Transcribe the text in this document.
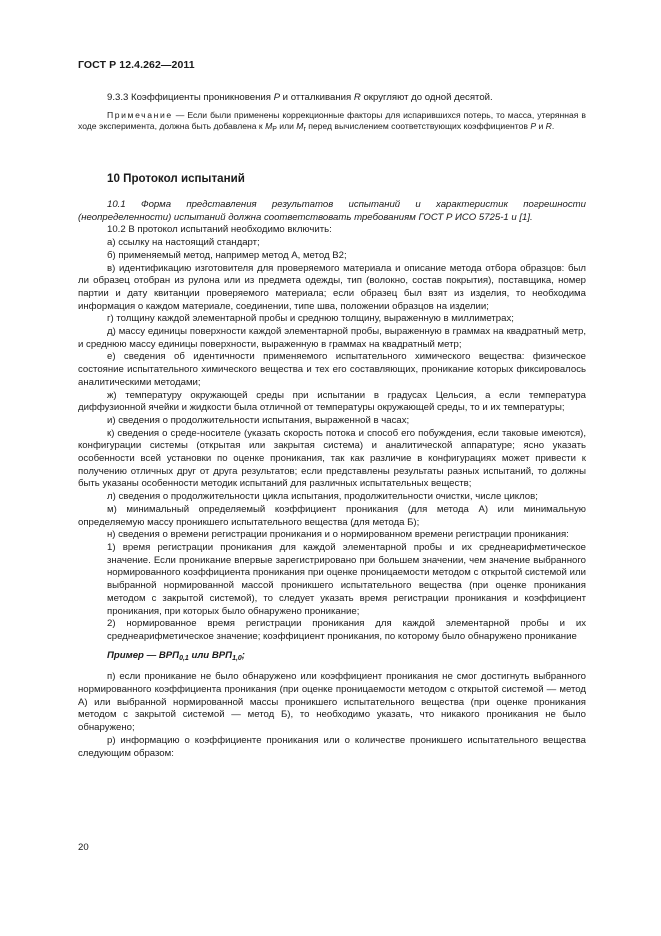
ГОСТ Р 12.4.262—2011

9.3.3 Коэффициенты проникновения Р и отталкивания R округляют до одной десятой.

Примечание — Если были применены коррекционные факторы для испарившихся потерь, то масса, утерянная в ходе эксперимента, должна быть добавлена к $M_P$ или $M_r$ перед вычислением соответствующих коэффициентов Р и R.

10 Протокол испытаний

10.1 Форма представления результатов испытаний и характеристик погрешности (неопределенности) испытаний должна соответствовать требованиям ГОСТ Р ИСО 5725-1 и [1].

10.2 В протокол испытаний необходимо включить:

а) ссылку на настоящий стандарт;

б) применяемый метод, например метод А, метод В2;

в) идентификацию изготовителя для проверяемого материала и описание метода отбора образцов: был ли образец отобран из рулона или из предмета одежды, тип (волокно, состав покрытия), поставщика, номер партии и дату квитанции проверяемого материала; если образец был взят из изделия, то необходима информация о каждом материале, соединении, типе шва, положении образцов на изделии;

г) толщину каждой элементарной пробы и среднюю толщину, выраженную в миллиметрах;

д) массу единицы поверхности каждой элементарной пробы, выраженную в граммах на квадратный метр, и среднюю массу единицы поверхности, выраженную в граммах на квадратный метр;

е) сведения об идентичности применяемого испытательного химического вещества: физическое состояние испытательного химического вещества и тех его составляющих, проникание которых фиксировалось аналитическими методами;

ж) температуру окружающей среды при испытании в градусах Цельсия, а если температура диффузионной ячейки и жидкости была отличной от температуры окружающей среды, то и их температуры;

и) сведения о продолжительности испытания, выраженной в часах;

к) сведения о среде-носителе (указать скорость потока и способ его побуждения, если таковые имеются), конфигурации системы (открытая или закрытая система) и аналитической аппаратуре; ясно указать особенности всей установки по оценке проникания, так как различие в конфигурациях может привести к получению отличных друг от друга результатов; если представлены результаты разных испытаний, то должны быть указаны особенности методик испытаний для различных испытательных веществ;

л) сведения о продолжительности цикла испытания, продолжительности очистки, числе циклов;

м) минимальный определяемый коэффициент проникания (для метода А) или минимальную определяемую массу проникшего испытательного вещества (для метода Б);

н) сведения о времени регистрации проникания и о нормированном времени регистрации проникания:

1) время регистрации проникания для каждой элементарной пробы и их среднеарифметическое значение. Если проникание впервые зарегистрировано при большем значении, чем значение выбранного нормированного коэффициента проникания при оценке проницаемости методом с открытой системой или выбранной нормированной массой проникшего испытательного вещества (при оценке проникания методом с закрытой системой), то следует указать время регистрации проникания и коэффициент проникания, при которых было обнаружено проникание;

2) нормированное время регистрации проникания для каждой элементарной пробы и их среднеарифметическое значение; коэффициент проникания, по которому было обнаружено проникание

Пример — $ВРП_{0,1}$ или $ВРП_{1,0}$;

п) если проникание не было обнаружено или коэффициент проникания не смог достигнуть выбранного нормированного коэффициента проникания (при оценке проницаемости методом с открытой системой — метод А) или выбранной нормированной массы проникшего испытательного вещества (при оценке проникания методом с закрытой системой — метод Б), то необходимо указать, что никакого проникания не было обнаружено;

р) информацию о коэффициенте проникания или о количестве проникшего испытательного вещества следующим образом:

20
